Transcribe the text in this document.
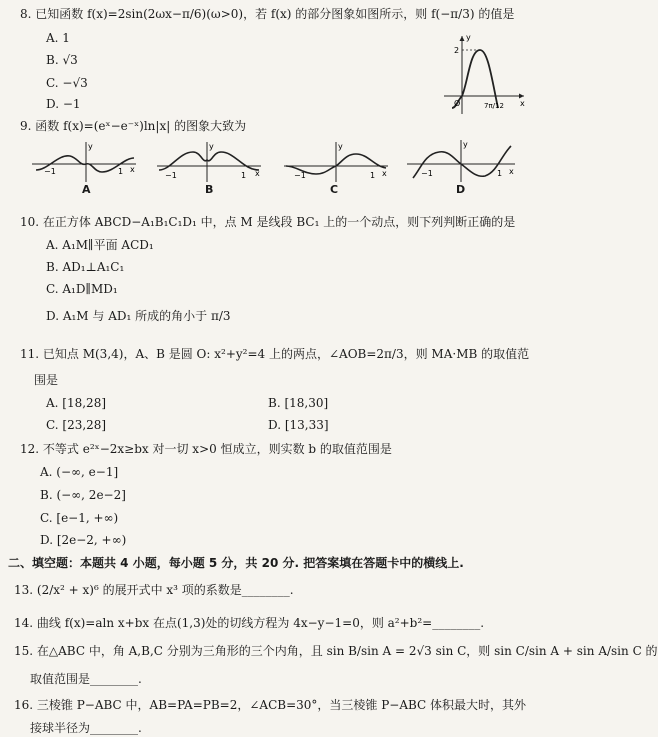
8. 已知函数 f(x)=2sin(2ωx−π/6)(ω>0)，若 f(x) 的部分图象如图所示，则 f(−π/3) 的值是
A. 1
B. √3
C. −√3
D. −1
y
x
2
O	7π/12
9. 函数 f(x)=(eˣ−e⁻ˣ)ln|x| 的图象大致为
−1	1
y
x
A
−1	1
y
x
B
−1	1
y
x
C
−1	1
y
x
D
10. 在正方体 ABCD−A₁B₁C₁D₁ 中，点 M 是线段 BC₁ 上的一个动点，则下列判断正确的是
A. A₁M∥平面 ACD₁
B. AD₁⊥A₁C₁
C. A₁D∥MD₁
D. A₁M 与 AD₁ 所成的角小于 π/3
11. 已知点 M(3,4)，A、B 是圆 O: x²+y²=4 上的两点，∠AOB=2π/3，则 MA·MB 的取值范
围是
A. [18,28]	B. [18,30]
C. [23,28]	D. [13,33]
12. 不等式 e²ˣ−2x≥bx 对一切 x>0 恒成立，则实数 b 的取值范围是
A. (−∞, e−1]
B. (−∞, 2e−2]
C. [e−1, +∞)
D. [2e−2, +∞)
二、填空题：本题共 4 小题，每小题 5 分，共 20 分. 把答案填在答题卡中的横线上.
13. (2/x² + x)⁶ 的展开式中 x³ 项的系数是________.
14. 曲线 f(x)=aln x+bx 在点(1,3)处的切线方程为 4x−y−1=0，则 a²+b²=________.
15. 在△ABC 中，角 A,B,C 分别为三角形的三个内角，且 sin B/sin A = 2√3 sin C，则 sin C/sin A + sin A/sin C 的
取值范围是________.
16. 三棱锥 P−ABC 中，AB=PA=PB=2，∠ACB=30°，当三棱锥 P−ABC 体积最大时，其外
接球半径为________.
